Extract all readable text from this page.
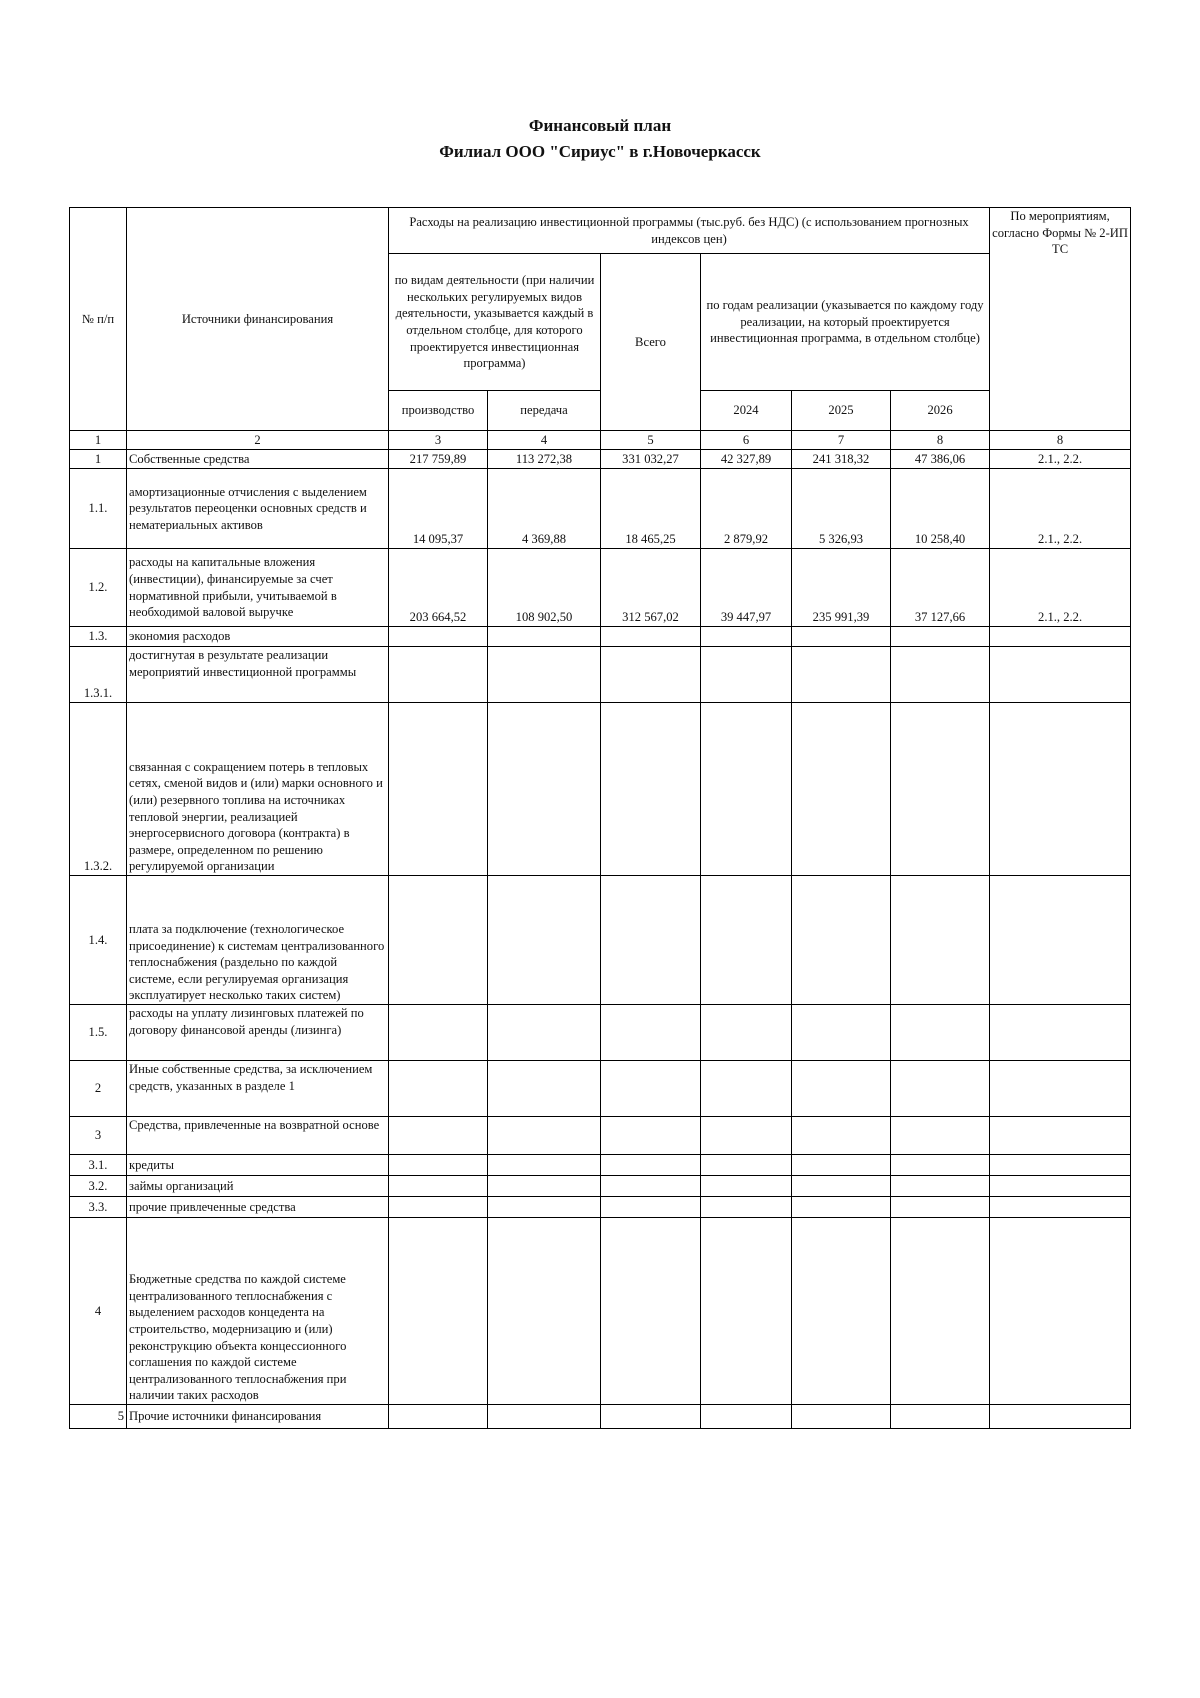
Финансовый план
Филиал ООО "Сириус" в г.Новочеркасск
№ п/п	Источники финансирования	Расходы на реализацию инвестиционной программы (тыс.руб. без НДС) (с использованием прогнозных индексов цен)						По мероприятиям, согласно Формы № 2-ИП ТС
		по видам деятельности (при наличии нескольких регулируемых видов деятельности, указывается каждый в отдельном столбце, для которого проектируется инвестиционная программа)		Всего	по годам реализации (указывается по каждому году реализации, на который проектируется инвестиционная программа, в отдельном столбце)			
		производство	передача		2024	2025	2026	
1	2	3	4	5	6	7	8	8
1	Собственные средства	217 759,89	113 272,38	331 032,27	42 327,89	241 318,32	47 386,06	2.1., 2.2.
1.1.	амортизационные отчисления с выделением результатов переоценки основных средств и нематериальных активов	14 095,37	4 369,88	18 465,25	2 879,92	5 326,93	10 258,40	2.1., 2.2.
1.2.	расходы на капитальные вложения (инвестиции), финансируемые за счет нормативной прибыли, учитываемой в необходимой валовой выручке	203 664,52	108 902,50	312 567,02	39 447,97	235 991,39	37 127,66	2.1., 2.2.
1.3.	экономия расходов							
1.3.1.	достигнутая в результате реализации мероприятий инвестиционной программы							
1.3.2.	связанная с сокращением потерь в тепловых сетях, сменой видов и (или) марки основного и (или) резервного топлива на источниках тепловой энергии, реализацией энергосервисного договора (контракта) в размере, определенном по решению регулируемой организации							
1.4.	плата за подключение (технологическое присоединение) к системам централизованного теплоснабжения (раздельно по каждой системе, если регулируемая организация эксплуатирует несколько таких систем)							
1.5.	расходы на уплату лизинговых платежей по договору финансовой аренды (лизинга)							
2	Иные собственные средства, за исключением средств, указанных в разделе 1							
3	Средства, привлеченные на возвратной основе							
3.1.	кредиты							
3.2.	займы организаций							
3.3.	прочие привлеченные средства							
4	Бюджетные средства по каждой системе централизованного теплоснабжения с выделением расходов концедента на строительство, модернизацию и (или) реконструкцию объекта концессионного соглашения по каждой системе централизованного теплоснабжения при наличии таких расходов							
5	Прочие источники финансирования							
